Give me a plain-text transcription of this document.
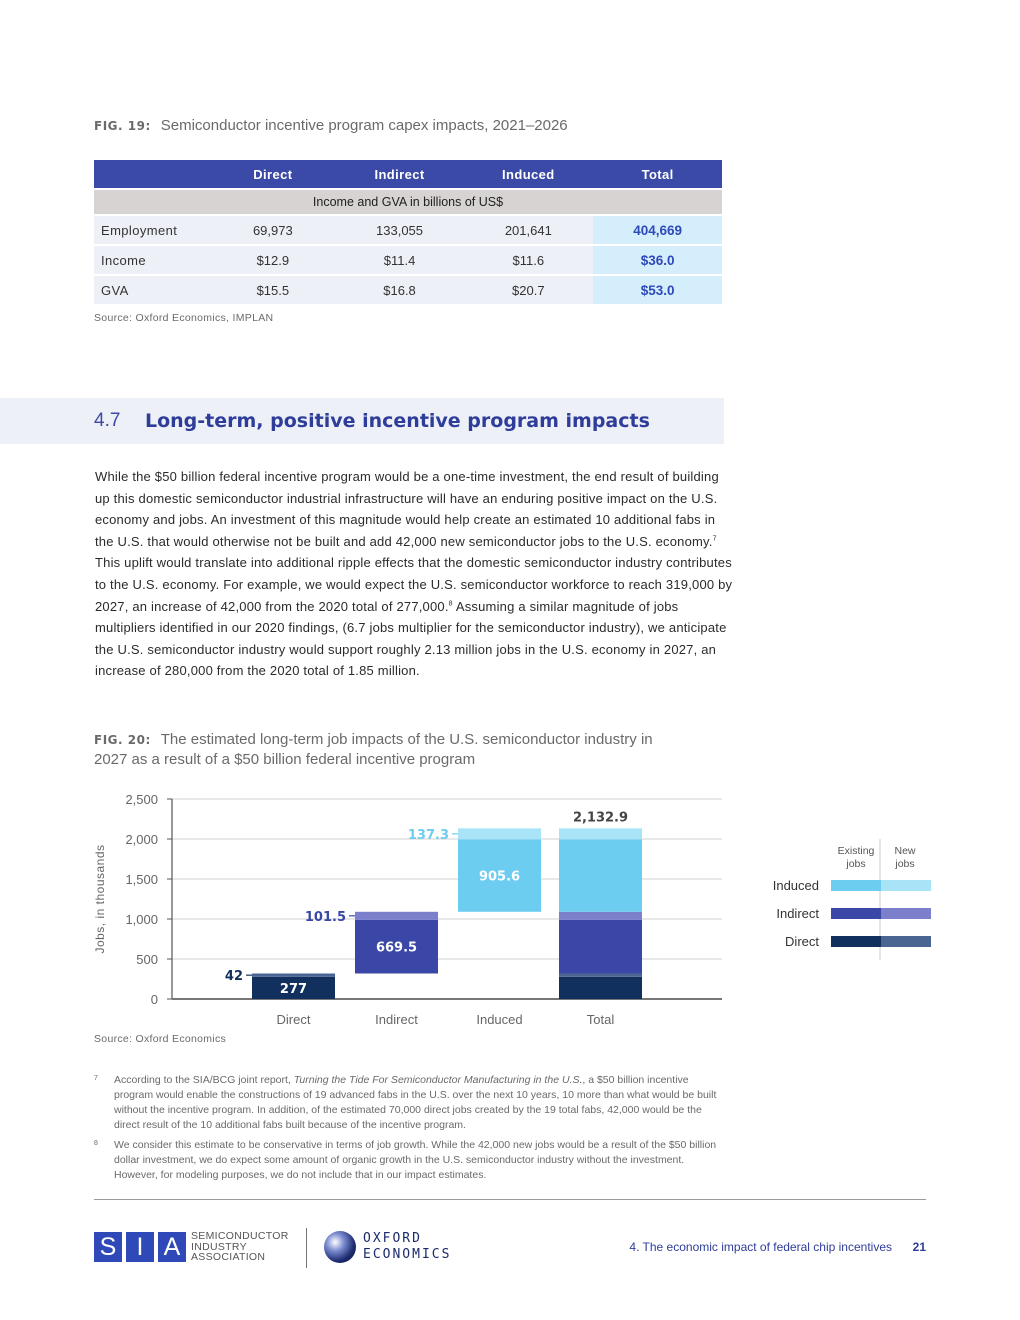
FIG. 19: Semiconductor incentive program capex impacts, 2021–2026
	Direct	Indirect	Induced	Total
Income and GVA in billions of US$				
Employment	69,973	133,055	201,641	404,669
Income	$12.9	$11.4	$11.6	$36.0
GVA	$15.5	$16.8	$20.7	$53.0
Source: Oxford Economics, IMPLAN
4.7 Long-term, positive incentive program impacts
While the $50 billion federal incentive program would be a one-time investment, the end result of building up this domestic semiconductor industrial infrastructure will have an enduring positive impact on the U.S. economy and jobs. An investment of this magnitude would help create an estimated 10 additional fabs in the U.S. that would otherwise not be built and add 42,000 new semiconductor jobs to the U.S. economy.$^7$ This uplift would translate into additional ripple effects that the domestic semiconductor industry contributes to the U.S. economy. For example, we would expect the U.S. semiconductor workforce to reach 319,000 by 2027, an increase of 42,000 from the 2020 total of 277,000.$^8$ Assuming a similar magnitude of jobs multipliers identified in our 2020 findings, (6.7 jobs multiplier for the semiconductor industry), we anticipate the U.S. semiconductor industry would support roughly 2.13 million jobs in the U.S. economy in 2027, an increase of 280,000 from the 2020 total of 1.85 million.
FIG. 20: The estimated long-term job impacts of the U.S. semiconductor industry in
2027 as a result of a $50 billion federal incentive program
0
500
1,000
1,500
2,000
2,500
Jobs, in thousands
277
42
Direct
669.5
101.5
Indirect
905.6
137.3
Induced
2,132.9
Total
Existing
jobs
New
jobs
Induced
Indirect
Direct
Source: Oxford Economics
7 According to the SIA/BCG joint report, Turning the Tide For Semiconductor Manufacturing in the U.S., a $50 billion incentive program would enable the constructions of 19 advanced fabs in the U.S. over the next 10 years, 10 more than what would be built without the incentive program. In addition, of the estimated 70,000 direct jobs created by the 19 total fabs, 42,000 would be the direct result of the 10 additional fabs built because of the incentive program.
8 We consider this estimate to be conservative in terms of job growth. While the 42,000 new jobs would be a result of the $50 billion dollar investment, we do expect some amount of organic growth in the U.S. semiconductor industry without the investment. However, for modeling purposes, we do not include that in our impact estimates.
S I A	SEMICONDUCTOR
INDUSTRY
ASSOCIATION
OXFORD
ECONOMICS	4. The economic impact of federal chip incentives 21
